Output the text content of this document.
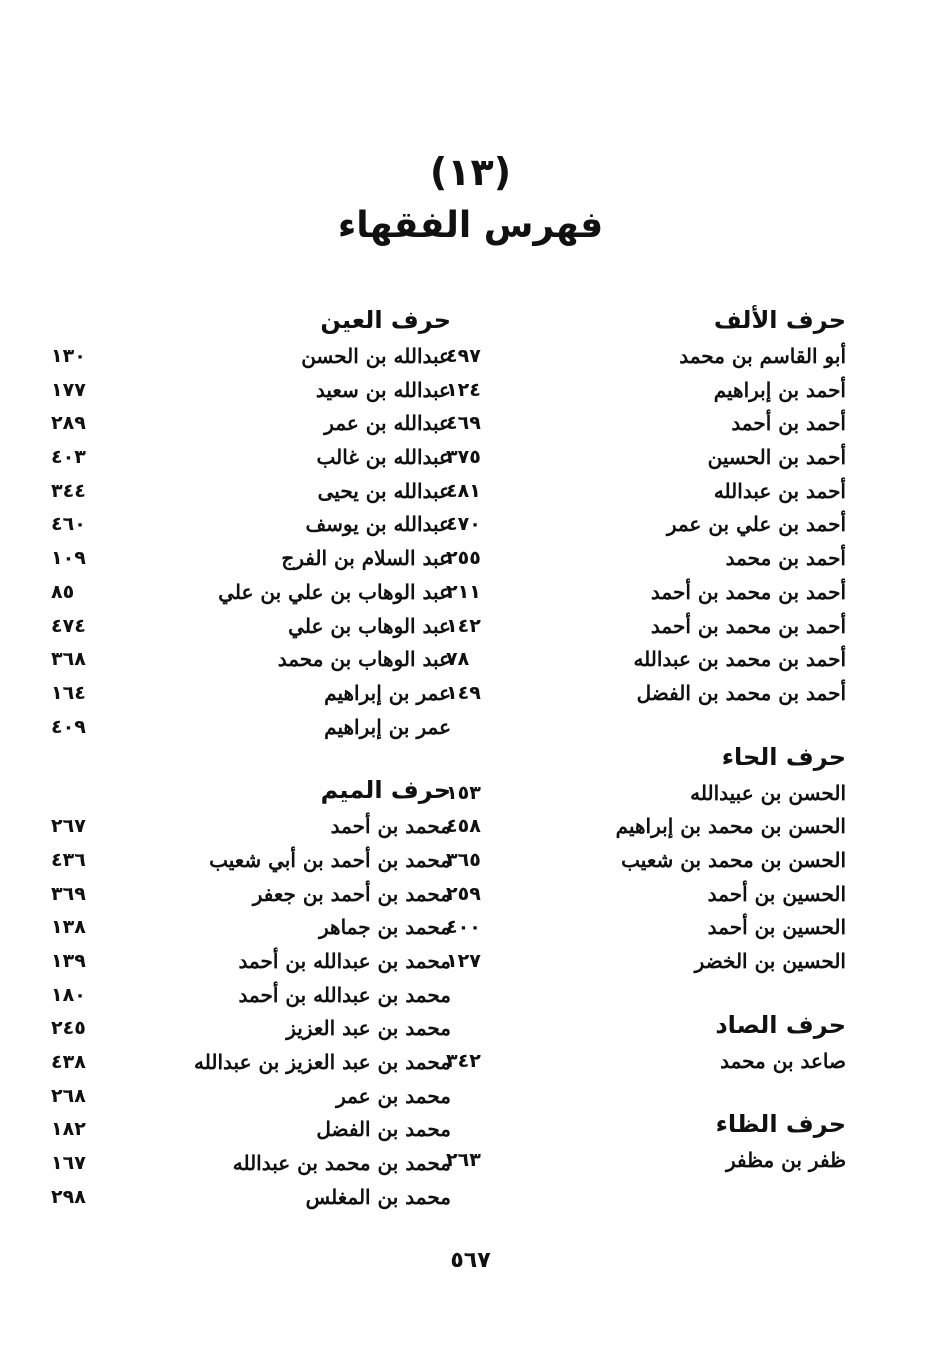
(١٣)
فهرس الفقهاء
حرف الألف
أبو القاسم بن محمد
٤٩٧
أحمد بن إبراهيم
١٢٤
أحمد بن أحمد
٤٦٩
أحمد بن الحسين
٣٧٥
أحمد بن عبدالله
٤٨١
أحمد بن علي بن عمر
٤٧٠
أحمد بن محمد
٢٥٥
أحمد بن محمد بن أحمد
٢١١
أحمد بن محمد بن أحمد
١٤٢
أحمد بن محمد بن عبدالله
٧٨
أحمد بن محمد بن الفضل
١٤٩
حرف الحاء
الحسن بن عبيدالله
١٥٣
الحسن بن محمد بن إبراهيم
٤٥٨
الحسن بن محمد بن شعيب
٣٦٥
الحسين بن أحمد
٢٥٩
الحسين بن أحمد
٤٠٠
الحسين بن الخضر
١٢٧
حرف الصاد
صاعد بن محمد
٣٤٢
حرف الظاء
ظفر بن مظفر
٢٦٣
حرف العين
عبدالله بن الحسن
١٣٠
عبدالله بن سعيد
١٧٧
عبدالله بن عمر
٢٨٩
عبدالله بن غالب
٤٠٣
عبدالله بن يحيى
٣٤٤
عبدالله بن يوسف
٤٦٠
عبد السلام بن الفرج
١٠٩
عبد الوهاب بن علي بن علي
٨٥
عبد الوهاب بن علي
٤٧٤
عبد الوهاب بن محمد
٣٦٨
عمر بن إبراهيم
١٦٤
عمر بن إبراهيم
٤٠٩
حرف الميم
محمد بن أحمد
٢٦٧
محمد بن أحمد بن أبي شعيب
٤٣٦
محمد بن أحمد بن جعفر
٣٦٩
محمد بن جماهر
١٣٨
محمد بن عبدالله بن أحمد
١٣٩
محمد بن عبدالله بن أحمد
١٨٠
محمد بن عبد العزيز
٢٤٥
محمد بن عبد العزيز بن عبدالله
٤٣٨
محمد بن عمر
٢٦٨
محمد بن الفضل
١٨٢
محمد بن محمد بن عبدالله
١٦٧
محمد بن المغلس
٢٩٨
٥٦٧
